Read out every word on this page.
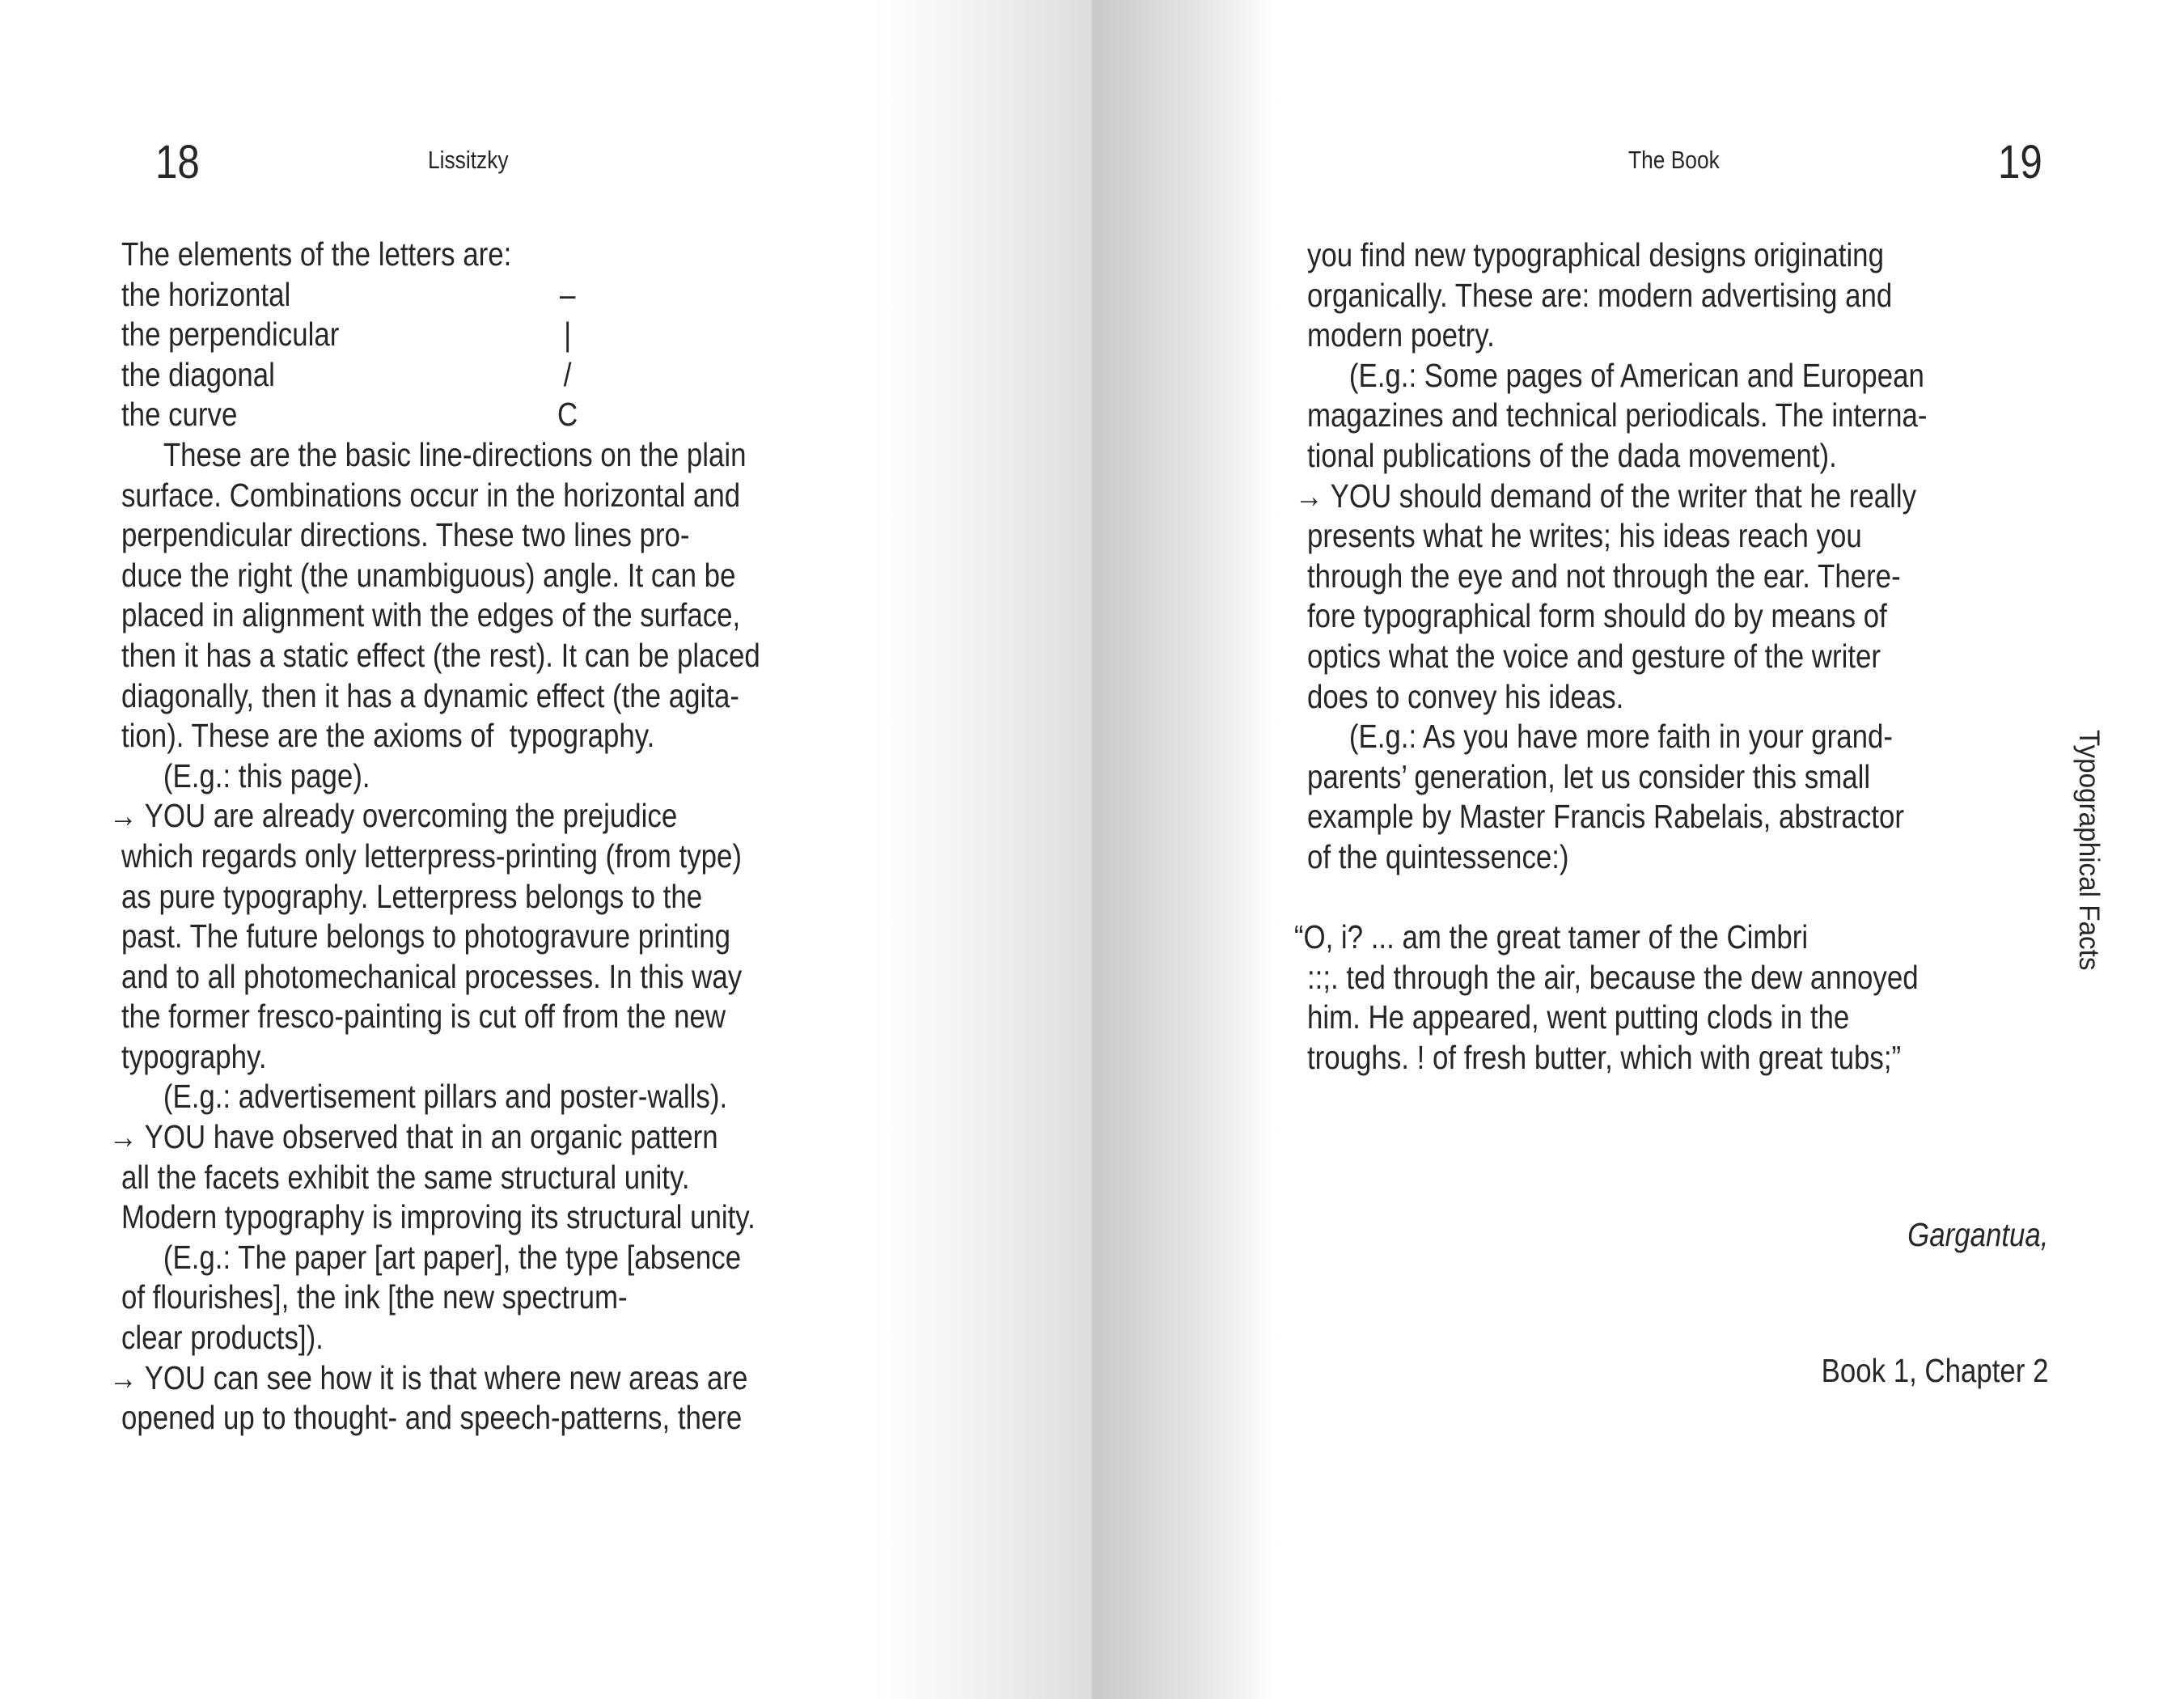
18	Lissitzky
The elements of the letters are:
the horizontal	–
the perpendicular	|
the diagonal	/
the curve	C
These are the basic line-directions on the plain
surface. Combinations occur in the horizontal and
perpendicular directions. These two lines pro-
duce the right (the unambiguous) angle. It can be
placed in alignment with the edges of the surface,
then it has a static effect (the rest). It can be placed
diagonally, then it has a dynamic effect (the agita-
tion). These are the axioms of  typography.
(E.g.: this page).
→ YOU are already overcoming the prejudice
which regards only letterpress-printing (from type)
as pure typography. Letterpress belongs to the
past. The future belongs to photogravure printing
and to all photomechanical processes. In this way
the former fresco-painting is cut off from the new
typography.
(E.g.: advertisement pillars and poster-walls).
→ YOU have observed that in an organic pattern
all the facets exhibit the same structural unity.
Modern typography is improving its structural unity.
(E.g.: The paper [art paper], the type [absence
of flourishes], the ink [the new spectrum-
clear products]).
→ YOU can see how it is that where new areas are
opened up to thought- and speech-patterns, there
19
The Book
you find new typographical designs originating
organically. These are: modern advertising and
modern poetry.
(E.g.: Some pages of American and European
magazines and technical periodicals. The interna-
tional publications of the dada movement).
→ YOU should demand of the writer that he really
presents what he writes; his ideas reach you
through the eye and not through the ear. There-
fore typographical form should do by means of
optics what the voice and gesture of the writer
does to convey his ideas.
(E.g.: As you have more faith in your grand-
parents’ generation, let us consider this small
example by Master Francis Rabelais, abstractor
of the quintessence:)
“O, i? ... am the great tamer of the Cimbri
::;. ted through the air, because the dew annoyed
him. He appeared, went putting clods in the
troughs. ! of fresh butter, which with great tubs;”

Gargantua,

Book 1, Chapter 2

Typographical Facts
